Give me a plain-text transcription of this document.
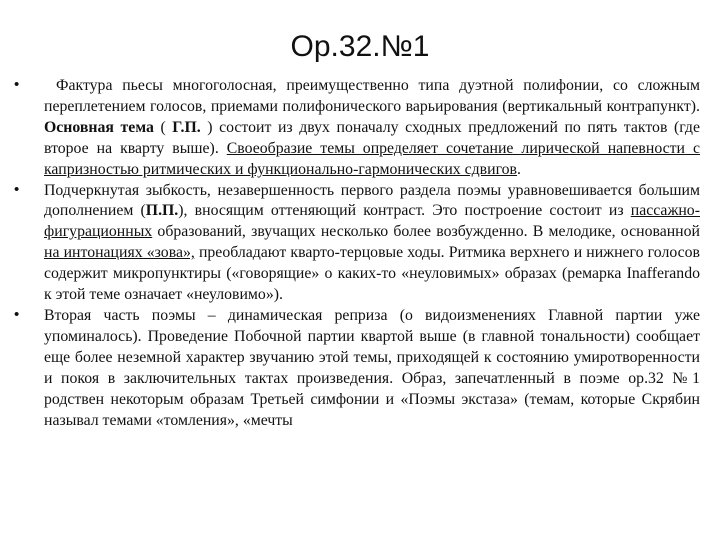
Ор.32.№1
•	Фактура пьесы многоголосная, преимущественно типа дуэтной полифонии, со сложным переплетением голосов, приемами полифонического варьирования (вертикальный контрапункт). Основная тема ( Г.П. ) состоит из двух поначалу сходных предложений по пять тактов (где второе на кварту выше). Своеобразие темы определяет сочетание лирической напевности с капризностью ритмических и функционально-гармонических сдвигов.

• Подчеркнутая зыбкость, незавершенность первого раздела поэмы уравновешивается большим дополнением (П.П.), вносящим оттеняющий контраст. Это построение состоит из пассажно-фигурационных образований, звучащих несколько более возбужденно. В мелодике, основанной на интонациях «зова», преобладают кварто-терцовые ходы. Ритмика верхнего и нижнего голосов содержит микропунктиры («говорящие» о каких-то «неуловимых» образах (ремарка Inafferando к этой теме означает «неуловимо»).

• Вторая часть поэмы – динамическая реприза (о видоизменениях Главной партии уже упоминалось). Проведение Побочной партии квартой выше (в главной тональности) сообщает еще более неземной характер звучанию этой темы, приходящей к состоянию умиротворенности и покоя в заключительных тактах произведения. Образ, запечатленный в поэме ор.32 №1 родствен некоторым образам Третьей симфонии и «Поэмы экстаза» (темам, которые Скрябин называл темами «томления», «мечты
